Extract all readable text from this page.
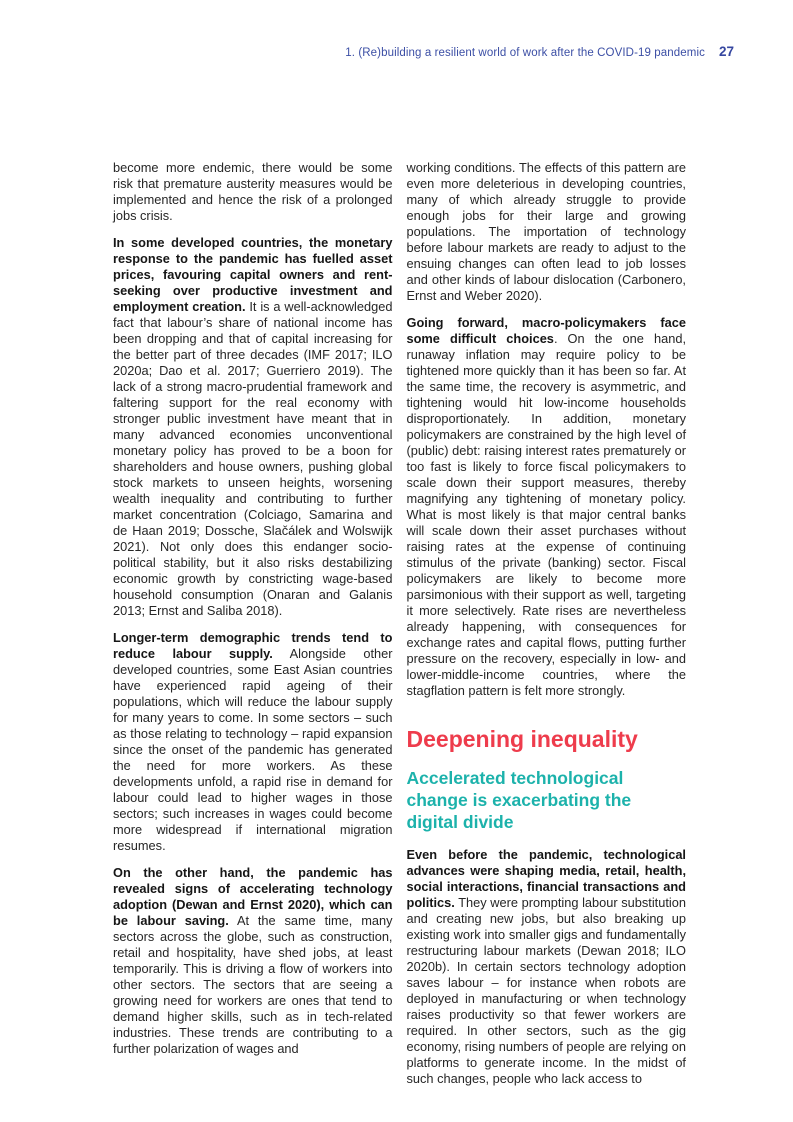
1. (Re)building a resilient world of work after the COVID-19 pandemic 27

become more endemic, there would be some risk that premature austerity measures would be implemented and hence the risk of a prolonged jobs crisis.

In some developed countries, the monetary response to the pandemic has fuelled asset prices, favouring capital owners and rent-seeking over productive investment and employment creation. It is a well-acknowledged fact that labour’s share of national income has been dropping and that of capital increasing for the better part of three decades (IMF 2017; ILO 2020a; Dao et al. 2017; Guerriero 2019). The lack of a strong macro-prudential framework and faltering support for the real economy with stronger public investment have meant that in many advanced economies unconventional monetary policy has proved to be a boon for shareholders and house owners, pushing global stock markets to unseen heights, worsening wealth inequality and contributing to further market concentration (Colciago, Samarina and de Haan 2019; Dossche, Slačálek and Wolswijk 2021). Not only does this endanger socio-political stability, but it also risks destabilizing economic growth by constricting wage-based household consumption (Onaran and Galanis 2013; Ernst and Saliba 2018).

Longer-term demographic trends tend to reduce labour supply. Alongside other developed countries, some East Asian countries have experienced rapid ageing of their populations, which will reduce the labour supply for many years to come. In some sectors – such as those relating to technology – rapid expansion since the onset of the pandemic has generated the need for more workers. As these developments unfold, a rapid rise in demand for labour could lead to higher wages in those sectors; such increases in wages could become more widespread if international migration resumes.

On the other hand, the pandemic has revealed signs of accelerating technology adoption (Dewan and Ernst 2020), which can be labour saving. At the same time, many sectors across the globe, such as construction, retail and hospitality, have shed jobs, at least temporarily. This is driving a flow of workers into other sectors. The sectors that are seeing a growing need for workers are ones that tend to demand higher skills, such as in tech-related industries. These trends are contributing to a further polarization of wages and

working conditions. The effects of this pattern are even more deleterious in developing countries, many of which already struggle to provide enough jobs for their large and growing populations. The importation of technology before labour markets are ready to adjust to the ensuing changes can often lead to job losses and other kinds of labour dislocation (Carbonero, Ernst and Weber 2020).

Going forward, macro-policymakers face some difficult choices. On the one hand, runaway inflation may require policy to be tightened more quickly than it has been so far. At the same time, the recovery is asymmetric, and tightening would hit low-income households disproportionately. In addition, monetary policymakers are constrained by the high level of (public) debt: raising interest rates prematurely or too fast is likely to force fiscal policymakers to scale down their support measures, thereby magnifying any tightening of monetary policy. What is most likely is that major central banks will scale down their asset purchases without raising rates at the expense of continuing stimulus of the private (banking) sector. Fiscal policymakers are likely to become more parsimonious with their support as well, targeting it more selectively. Rate rises are nevertheless already happening, with consequences for exchange rates and capital flows, putting further pressure on the recovery, especially in low- and lower-middle-income countries, where the stagflation pattern is felt more strongly.

Deepening inequality
Accelerated technological change is exacerbating the digital divide

Even before the pandemic, technological advances were shaping media, retail, health, social interactions, financial transactions and politics. They were prompting labour substitution and creating new jobs, but also breaking up existing work into smaller gigs and fundamentally restructuring labour markets (Dewan 2018; ILO 2020b). In certain sectors technology adoption saves labour – for instance when robots are deployed in manufacturing or when technology raises productivity so that fewer workers are required. In other sectors, such as the gig economy, rising numbers of people are relying on platforms to generate income. In the midst of such changes, people who lack access to
